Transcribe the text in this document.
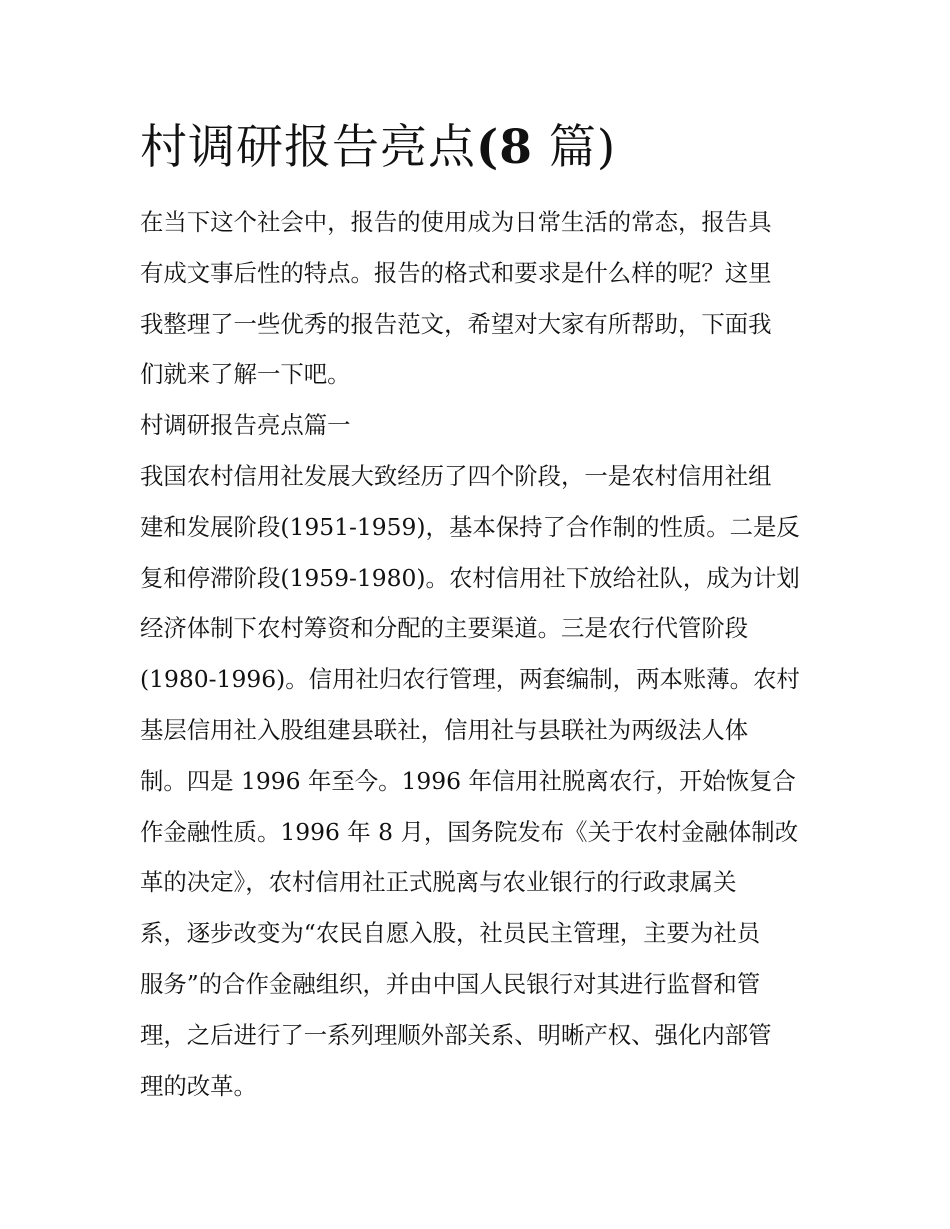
村调研报告亮点(8 篇)
在当下这个社会中，报告的使用成为日常生活的常态，报告具
有成文事后性的特点。报告的格式和要求是什么样的呢？这里
我整理了一些优秀的报告范文，希望对大家有所帮助，下面我
们就来了解一下吧。
村调研报告亮点篇一
我国农村信用社发展大致经历了四个阶段，一是农村信用社组
建和发展阶段(1951-1959)，基本保持了合作制的性质。二是反
复和停滞阶段(1959-1980)。农村信用社下放给社队，成为计划
经济体制下农村筹资和分配的主要渠道。三是农行代管阶段
(1980-1996)。信用社归农行管理，两套编制，两本账薄。农村
基层信用社入股组建县联社，信用社与县联社为两级法人体
制。四是 1996 年至今。1996 年信用社脱离农行，开始恢复合
作金融性质。1996 年 8 月，国务院发布《关于农村金融体制改
革的决定》，农村信用社正式脱离与农业银行的行政隶属关
系，逐步改变为“农民自愿入股，社员民主管理，主要为社员
服务”的合作金融组织，并由中国人民银行对其进行监督和管
理，之后进行了一系列理顺外部关系、明晰产权、强化内部管
理的改革。
